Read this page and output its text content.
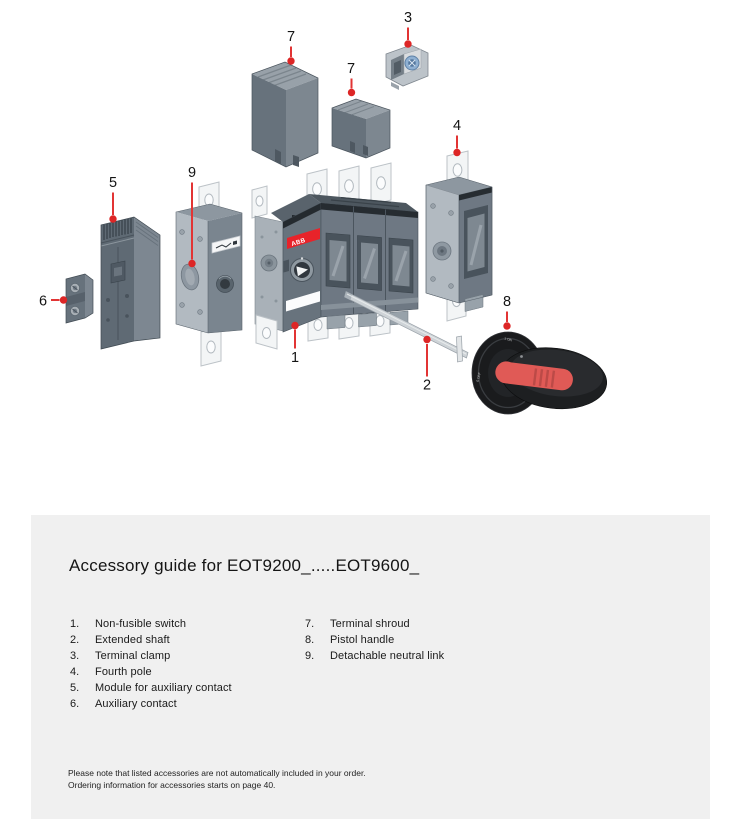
ABB
1 ON
0 OFF
7
3
7
4
5
9
6
1
2
8
Accessory guide for EOT9200_.....EOT9600_
1.	Non-fusible switch
2.	Extended shaft
3.	Terminal clamp
4.	Fourth pole
5.	Module for auxiliary contact
6.	Auxiliary contact
7.	Terminal shroud
8.	Pistol handle
9.	Detachable neutral link
Please note that listed accessories are not automatically included in your order.
Ordering information for accessories starts on page 40.
